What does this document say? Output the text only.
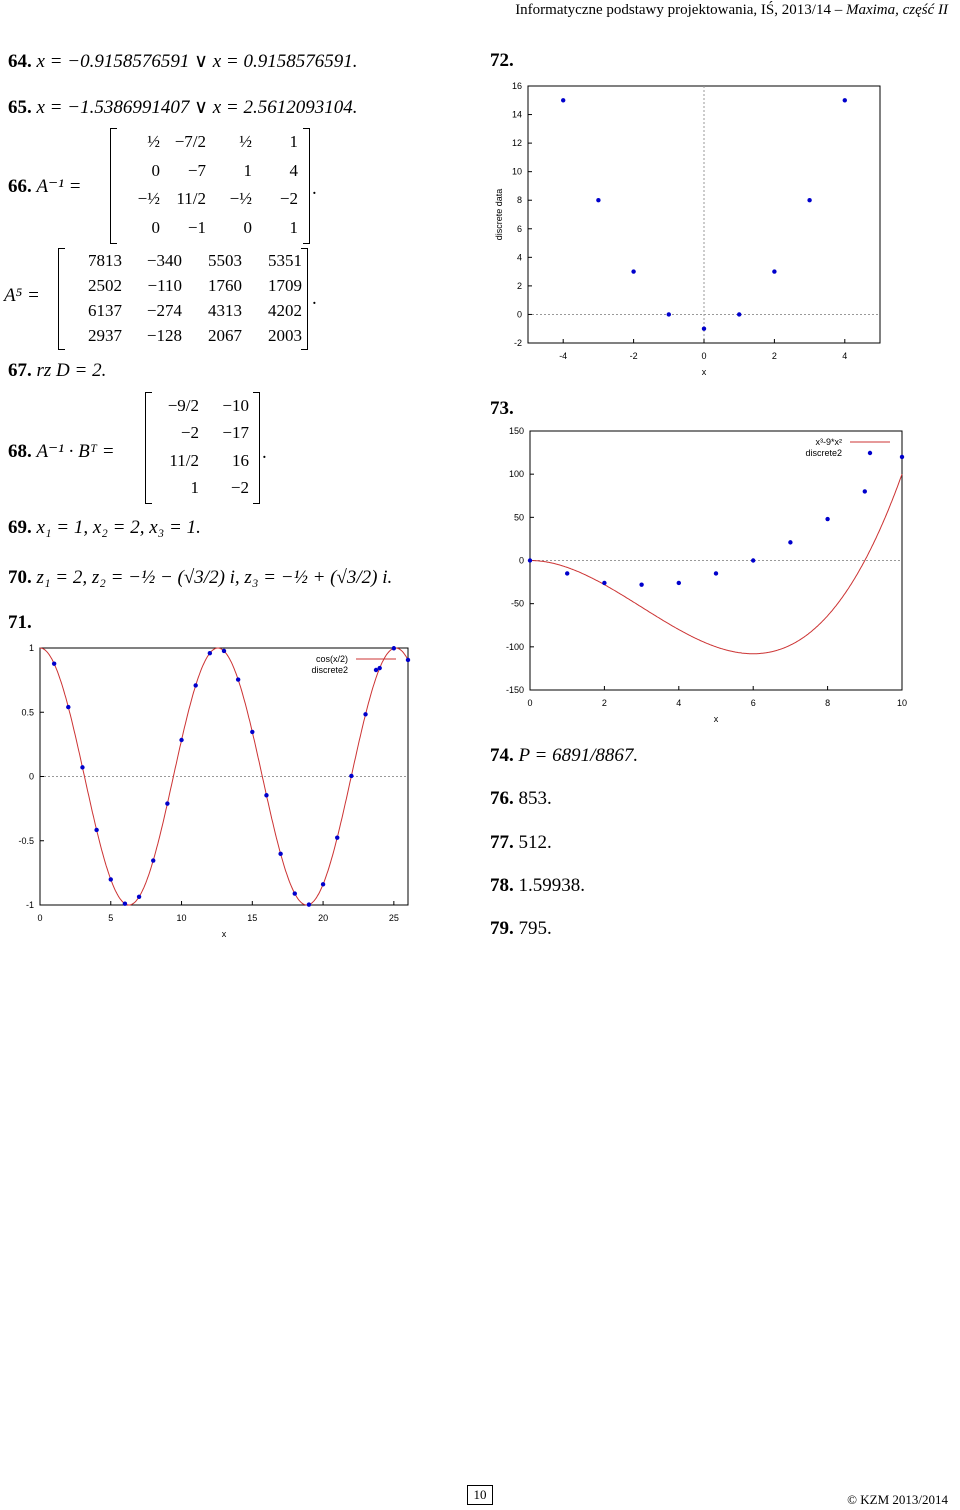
Informatyczne podstawy projektowania, IŚ, 2013/14 – Maxima, część II
64. x = −0.9158576591 ∨ x = 0.9158576591.
65. x = −1.5386991407 ∨ x = 2.5612093104.
66. A⁻¹ =
½ −7/2	½	1
0	−7	1	4
−½ 11/2	−½	−2
0	−1	0	1
.
A⁵ =
7813	−340	5503	5351
2502	−110	1760	1709
6137	−274	4313	4202
2937	−128	2067	2003
.
67. rz D = 2.
68. A⁻¹ · Bᵀ =
−9/2	−10
−2	−17
11/2	16
1	−2
.
69. x₁ = 1, x₂ = 2, x₃ = 1.
70. z₁ = 2, z₂ = −½ − (√3/2) i, z₃ = −½ + (√3/2) i.
71.
72.
73.
74. P = 6891/8867.
76. 853.
77. 512.
78. 1.59938.
79. 795.
0	5	10	15	20	25
-1
-0.5
0
0.5
1
x
cos(x/2)
discrete2
-4	-2	0	2	4
-2
0
2
4
6
8
10
12
14
16
x
discrete data
0	2	4	6	8	10
-150
-100
-50
0
50
100
150
x
x³-9*x²
discrete2
10	© KZM 2013/2014
